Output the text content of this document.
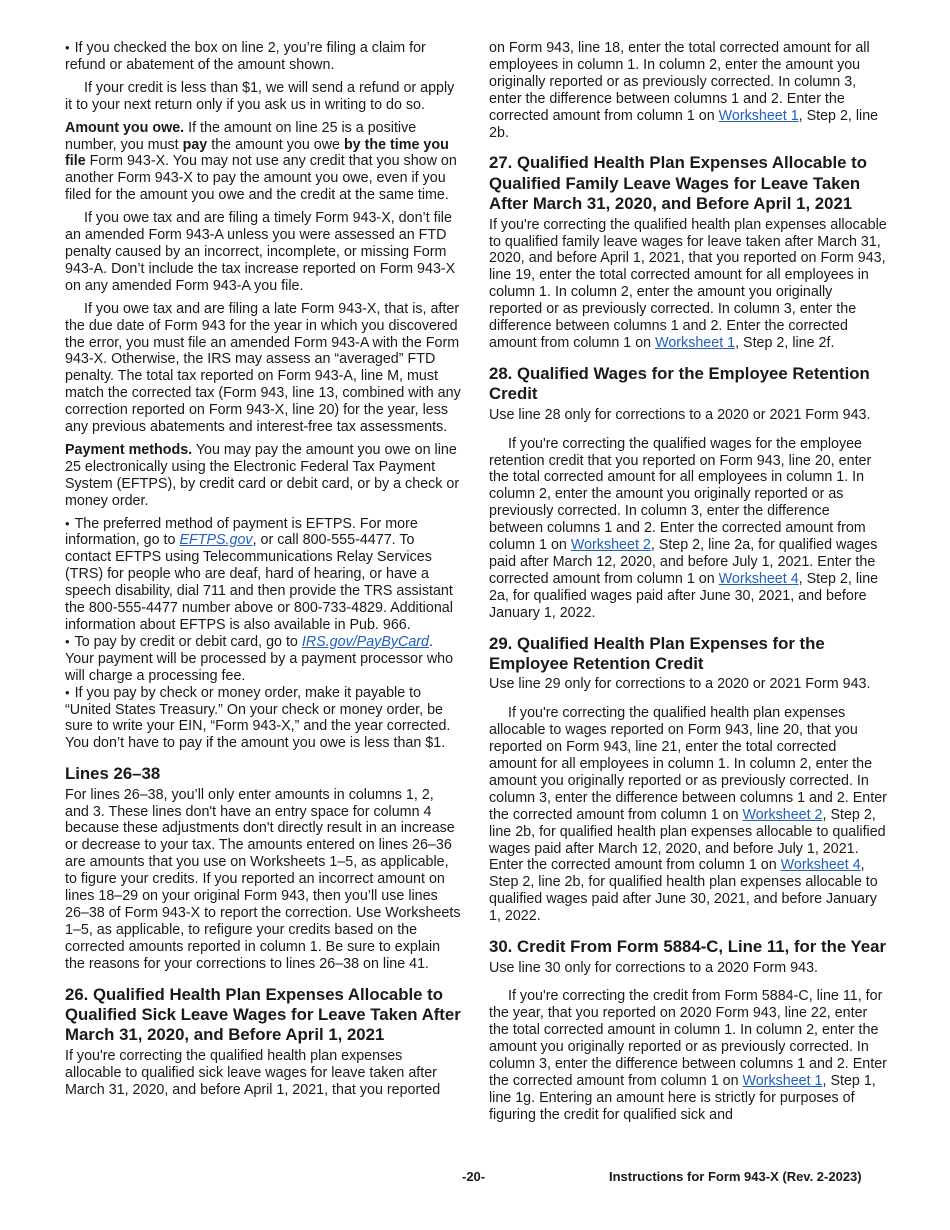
• If you checked the box on line 2, you’re filing a claim for refund or abatement of the amount shown.

If your credit is less than $1, we will send a refund or apply it to your next return only if you ask us in writing to do so.

Amount you owe. If the amount on line 25 is a positive number, you must pay the amount you owe by the time you file Form 943-X. You may not use any credit that you show on another Form 943-X to pay the amount you owe, even if you filed for the amount you owe and the credit at the same time.

If you owe tax and are filing a timely Form 943-X, don’t file an amended Form 943-A unless you were assessed an FTD penalty caused by an incorrect, incomplete, or missing Form 943-A. Don’t include the tax increase reported on Form 943-X on any amended Form 943-A you file.

If you owe tax and are filing a late Form 943-X, that is, after the due date of Form 943 for the year in which you discovered the error, you must file an amended Form 943-A with the Form 943-X. Otherwise, the IRS may assess an “averaged” FTD penalty. The total tax reported on Form 943-A, line M, must match the corrected tax (Form 943, line 13, combined with any correction reported on Form 943-X, line 20) for the year, less any previous abatements and interest-free tax assessments.

Payment methods. You may pay the amount you owe on line 25 electronically using the Electronic Federal Tax Payment System (EFTPS), by credit card or debit card, or by a check or money order.

• The preferred method of payment is EFTPS. For more information, go to EFTPS.gov, or call 800-555-4477. To contact EFTPS using Telecommunications Relay Services (TRS) for people who are deaf, hard of hearing, or have a speech disability, dial 711 and then provide the TRS assistant the 800-555-4477 number above or 800-733-4829. Additional information about EFTPS is also available in Pub. 966.

• To pay by credit or debit card, go to IRS.gov/PayByCard. Your payment will be processed by a payment processor who will charge a processing fee.

• If you pay by check or money order, make it payable to “United States Treasury.” On your check or money order, be sure to write your EIN, “Form 943-X,” and the year corrected. You don’t have to pay if the amount you owe is less than $1.

Lines 26–38

For lines 26–38, you’ll only enter amounts in columns 1, 2, and 3. These lines don't have an entry space for column 4 because these adjustments don't directly result in an increase or decrease to your tax. The amounts entered on lines 26–36 are amounts that you use on Worksheets 1–5, as applicable, to figure your credits. If you reported an incorrect amount on lines 18–29 on your original Form 943, then you’ll use lines 26–38 of Form 943-X to report the correction. Use Worksheets 1–5, as applicable, to refigure your credits based on the corrected amounts reported in column 1. Be sure to explain the reasons for your corrections to lines 26–38 on line 41.

26. Qualified Health Plan Expenses Allocable to Qualified Sick Leave Wages for Leave Taken After March 31, 2020, and Before April 1, 2021

If you're correcting the qualified health plan expenses allocable to qualified sick leave wages for leave taken after March 31, 2020, and before April 1, 2021, that you reported

on Form 943, line 18, enter the total corrected amount for all employees in column 1. In column 2, enter the amount you originally reported or as previously corrected. In column 3, enter the difference between columns 1 and 2. Enter the corrected amount from column 1 on Worksheet 1, Step 2, line 2b.

27. Qualified Health Plan Expenses Allocable to Qualified Family Leave Wages for Leave Taken After March 31, 2020, and Before April 1, 2021

If you're correcting the qualified health plan expenses allocable to qualified family leave wages for leave taken after March 31, 2020, and before April 1, 2021, that you reported on Form 943, line 19, enter the total corrected amount for all employees in column 1. In column 2, enter the amount you originally reported or as previously corrected. In column 3, enter the difference between columns 1 and 2. Enter the corrected amount from column 1 on Worksheet 1, Step 2, line 2f.

28. Qualified Wages for the Employee Retention Credit

Use line 28 only for corrections to a 2020 or 2021 Form 943.

If you're correcting the qualified wages for the employee retention credit that you reported on Form 943, line 20, enter the total corrected amount for all employees in column 1. In column 2, enter the amount you originally reported or as previously corrected. In column 3, enter the difference between columns 1 and 2. Enter the corrected amount from column 1 on Worksheet 2, Step 2, line 2a, for qualified wages paid after March 12, 2020, and before July 1, 2021. Enter the corrected amount from column 1 on Worksheet 4, Step 2, line 2a, for qualified wages paid after June 30, 2021, and before January 1, 2022.

29. Qualified Health Plan Expenses for the Employee Retention Credit

Use line 29 only for corrections to a 2020 or 2021 Form 943.

If you're correcting the qualified health plan expenses allocable to wages reported on Form 943, line 20, that you reported on Form 943, line 21, enter the total corrected amount for all employees in column 1. In column 2, enter the amount you originally reported or as previously corrected. In column 3, enter the difference between columns 1 and 2. Enter the corrected amount from column 1 on Worksheet 2, Step 2, line 2b, for qualified health plan expenses allocable to qualified wages paid after March 12, 2020, and before July 1, 2021. Enter the corrected amount from column 1 on Worksheet 4, Step 2, line 2b, for qualified health plan expenses allocable to qualified wages paid after June 30, 2021, and before January 1, 2022.

30. Credit From Form 5884-C, Line 11, for the Year

Use line 30 only for corrections to a 2020 Form 943.

If you're correcting the credit from Form 5884-C, line 11, for the year, that you reported on 2020 Form 943, line 22, enter the total corrected amount in column 1. In column 2, enter the amount you originally reported or as previously corrected. In column 3, enter the difference between columns 1 and 2. Enter the corrected amount from column 1 on Worksheet 1, Step 1, line 1g. Entering an amount here is strictly for purposes of figuring the credit for qualified sick and

-20-	Instructions for Form 943-X (Rev. 2-2023)
